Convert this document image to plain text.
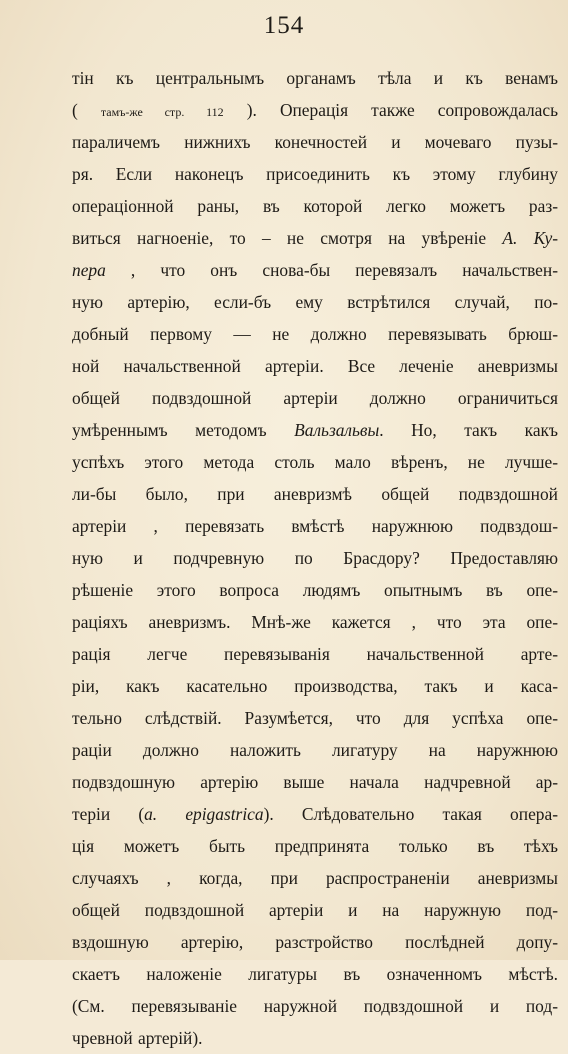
154
тін къ центральнымъ органамъ тѣла и къ венамъ
( тамъ-же стр. 112 ). Операція также сопровождалась
параличемъ нижнихъ конечностей и мочеваго пузы-
ря. Если наконецъ присоединить къ этому глубину
операціонной раны, въ которой легко можетъ раз-
виться нагноеніе, то – не смотря на увѣреніе А. Ку-
пера , что онъ снова-бы перевязалъ начальствен-
ную артерію, если-бъ ему встрѣтился случай, по-
добный первому — не должно перевязывать брюш-
ной начальственной артеріи. Все леченіе аневризмы
общей подвздошной артеріи должно ограничиться
умѣреннымъ методомъ Вальзальвы. Но, такъ какъ
успѣхъ этого метода столь мало вѣренъ, не лучше-
ли-бы было, при аневризмѣ общей подвздошной
артеріи , перевязать вмѣстѣ наружнюю подвздош-
ную и подчревную по Брасдору? Предоставляю
рѣшеніе этого вопроса людямъ опытнымъ въ опе-
раціяхъ аневризмъ. Мнѣ-же кажется , что эта опе-
рація легче перевязыванія начальственной арте-
ріи, какъ касательно производства, такъ и каса-
тельно слѣдствій. Разумѣется, что для успѣха опе-
раціи должно наложить лигатуру на наружнюю
подвздошную артерію выше начала надчревной ар-
теріи (a. epigastrica). Слѣдовательно такая опера-
ція можетъ быть предпринята только въ тѣхъ
случаяхъ , когда, при распространеніи аневризмы
общей подвздошной артеріи и на наружную под-
вздошную артерію, разстройство послѣдней допу-
скаетъ наложеніе лигатуры въ означенномъ мѣстѣ.
(См. перевязываніе наружной подвздошной и под-
чревной артерій).
